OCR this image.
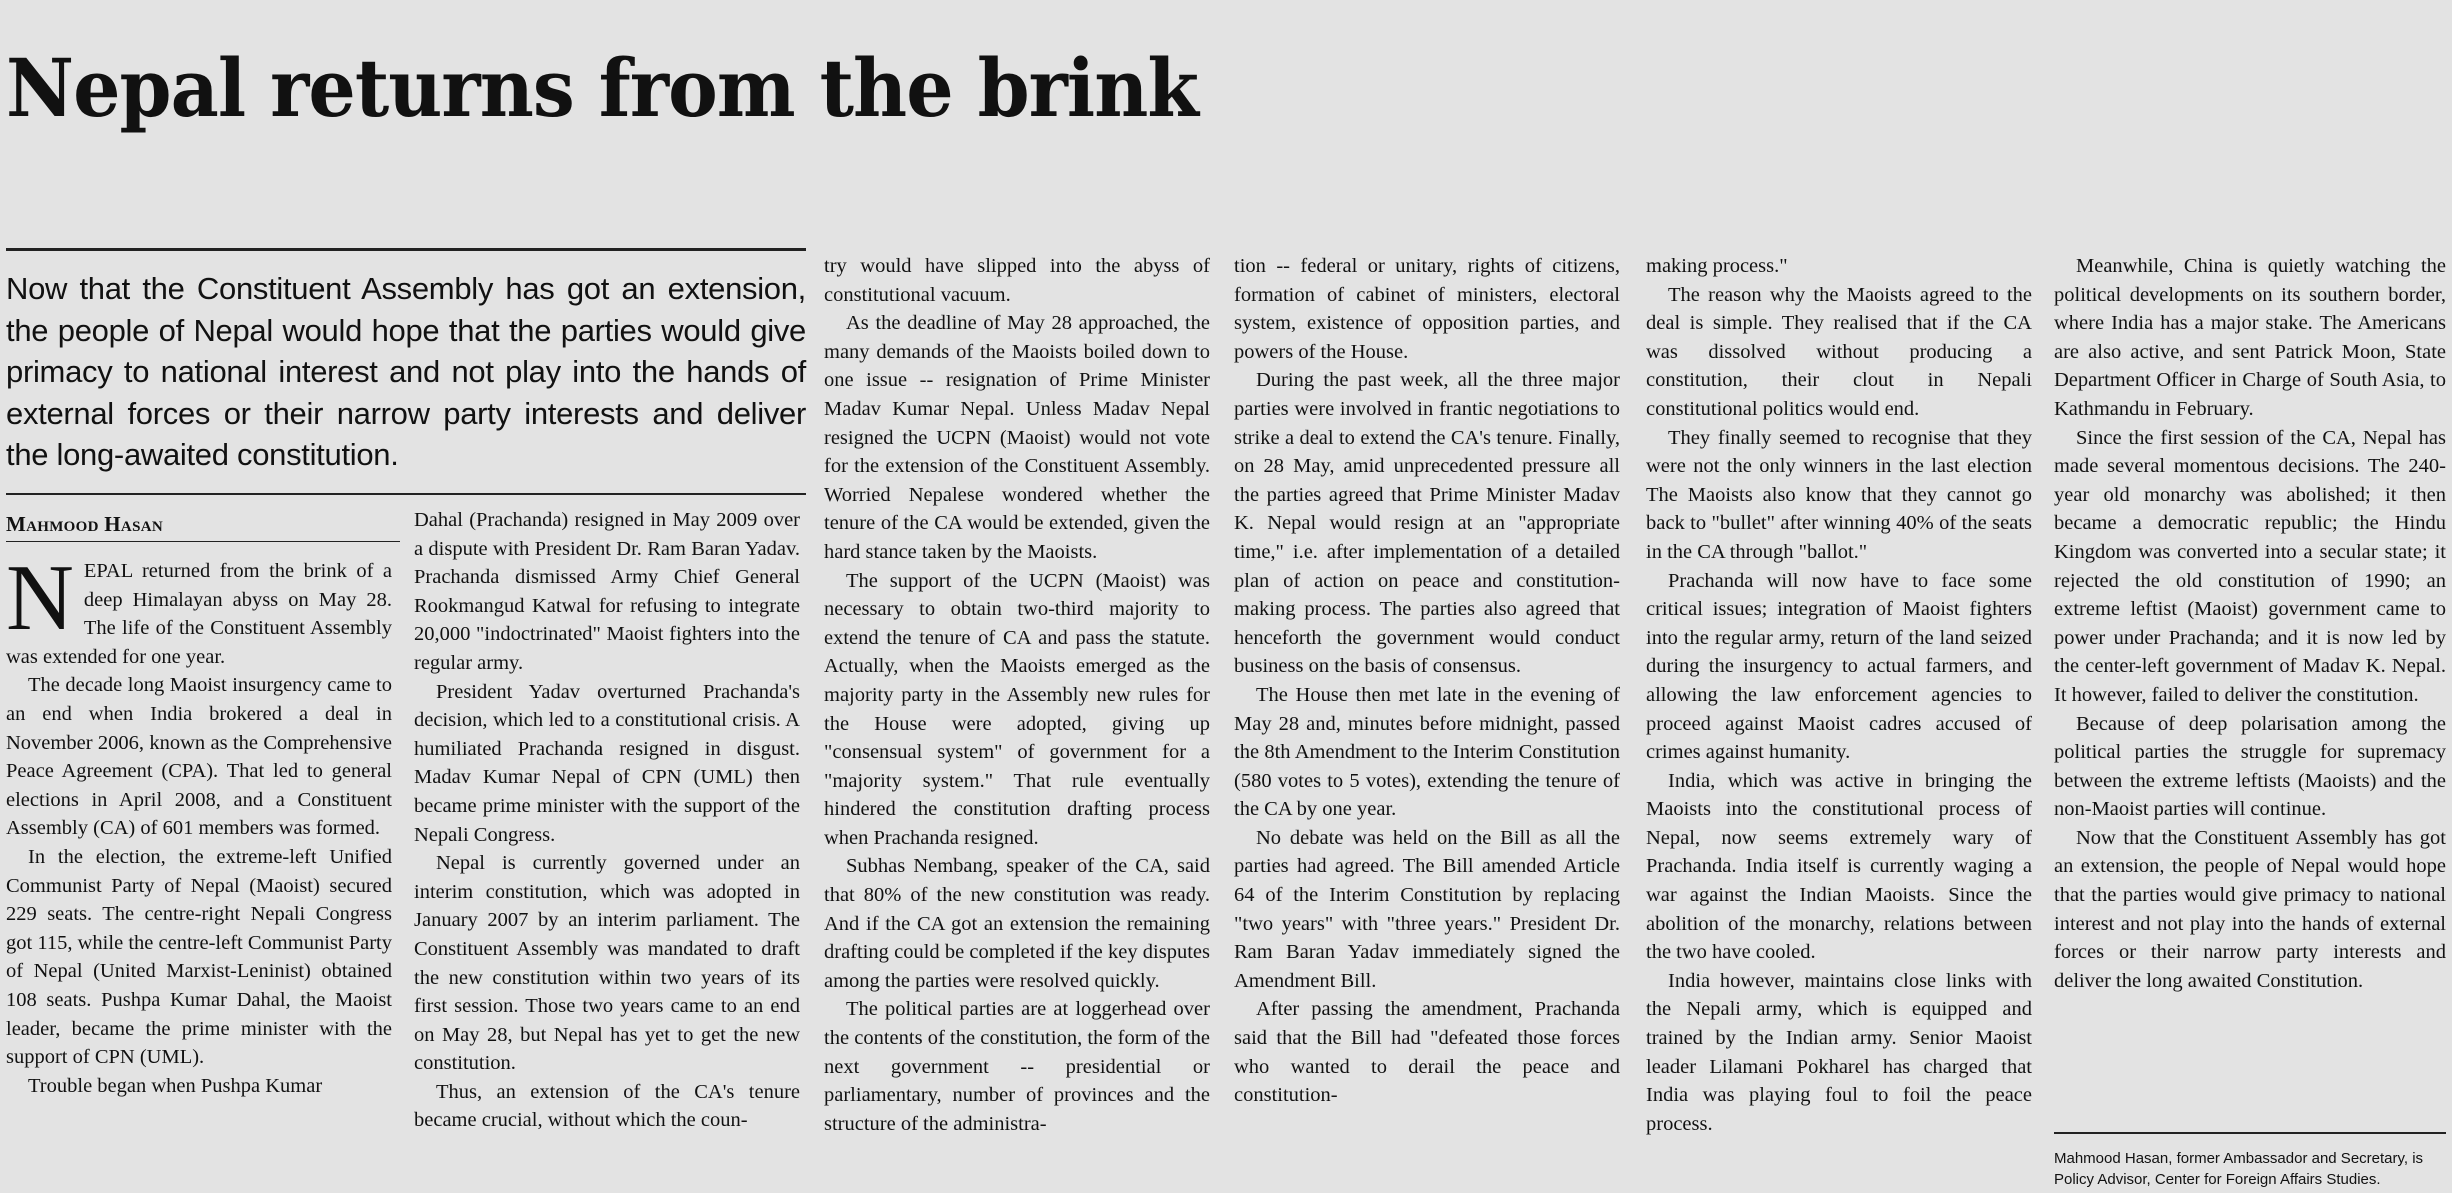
Nepal returns from the brink

Now that the Constituent Assembly has got an extension, the people of Nepal would hope that the parties would give primacy to national interest and not play into the hands of external forces or their narrow party interests and deliver the long-awaited constitution.

Mahmood Hasan

NEPAL returned from the brink of a deep Himalayan abyss on May 28. The life of the Constituent Assembly was extended for one year.

The decade long Maoist insurgency came to an end when India brokered a deal in November 2006, known as the Comprehensive Peace Agreement (CPA). That led to general elections in April 2008, and a Constituent Assembly (CA) of 601 members was formed.

In the election, the extreme-left Unified Communist Party of Nepal (Maoist) secured 229 seats. The centre-right Nepali Congress got 115, while the centre-left Communist Party of Nepal (United Marxist-Leninist) obtained 108 seats. Pushpa Kumar Dahal, the Maoist leader, became the prime minister with the support of CPN (UML).

Trouble began when Pushpa Kumar

Dahal (Prachanda) resigned in May 2009 over a dispute with President Dr. Ram Baran Yadav. Prachanda dismissed Army Chief General Rookmangud Katwal for refusing to integrate 20,000 "indoctrinated" Maoist fighters into the regular army.

President Yadav overturned Prachanda's decision, which led to a constitutional crisis. A humiliated Prachanda resigned in disgust. Madav Kumar Nepal of CPN (UML) then became prime minister with the support of the Nepali Congress.

Nepal is currently governed under an interim constitution, which was adopted in January 2007 by an interim parliament. The Constituent Assembly was mandated to draft the new constitution within two years of its first session. Those two years came to an end on May 28, but Nepal has yet to get the new constitution.

Thus, an extension of the CA's tenure became crucial, without which the coun-

try would have slipped into the abyss of constitutional vacuum.

As the deadline of May 28 approached, the many demands of the Maoists boiled down to one issue -- resignation of Prime Minister Madav Kumar Nepal. Unless Madav Nepal resigned the UCPN (Maoist) would not vote for the extension of the Constituent Assembly. Worried Nepalese wondered whether the tenure of the CA would be extended, given the hard stance taken by the Maoists.

The support of the UCPN (Maoist) was necessary to obtain two-third majority to extend the tenure of CA and pass the statute. Actually, when the Maoists emerged as the majority party in the Assembly new rules for the House were adopted, giving up "consensual system" of government for a "majority system." That rule eventually hindered the constitution drafting process when Prachanda resigned.

Subhas Nembang, speaker of the CA, said that 80% of the new constitution was ready. And if the CA got an extension the remaining drafting could be completed if the key disputes among the parties were resolved quickly.

The political parties are at loggerhead over the contents of the constitution, the form of the next government -- presidential or parliamentary, number of provinces and the structure of the administra-

tion -- federal or unitary, rights of citizens, formation of cabinet of ministers, electoral system, existence of opposition parties, and powers of the House.

During the past week, all the three major parties were involved in frantic negotiations to strike a deal to extend the CA's tenure. Finally, on 28 May, amid unprecedented pressure all the parties agreed that Prime Minister Madav K. Nepal would resign at an "appropriate time," i.e. after implementation of a detailed plan of action on peace and constitution-making process. The parties also agreed that henceforth the government would conduct business on the basis of consensus.

The House then met late in the evening of May 28 and, minutes before midnight, passed the 8th Amendment to the Interim Constitution (580 votes to 5 votes), extending the tenure of the CA by one year.

No debate was held on the Bill as all the parties had agreed. The Bill amended Article 64 of the Interim Constitution by replacing "two years" with "three years." President Dr. Ram Baran Yadav immediately signed the Amendment Bill.

After passing the amendment, Prachanda said that the Bill had "defeated those forces who wanted to derail the peace and constitution-

making process."

The reason why the Maoists agreed to the deal is simple. They realised that if the CA was dissolved without producing a constitution, their clout in Nepali constitutional politics would end.

They finally seemed to recognise that they were not the only winners in the last election The Maoists also know that they cannot go back to "bullet" after winning 40% of the seats in the CA through "ballot."

Prachanda will now have to face some critical issues; integration of Maoist fighters into the regular army, return of the land seized during the insurgency to actual farmers, and allowing the law enforcement agencies to proceed against Maoist cadres accused of crimes against humanity.

India, which was active in bringing the Maoists into the constitutional process of Nepal, now seems extremely wary of Prachanda. India itself is currently waging a war against the Indian Maoists. Since the abolition of the monarchy, relations between the two have cooled.

India however, maintains close links with the Nepali army, which is equipped and trained by the Indian army. Senior Maoist leader Lilamani Pokharel has charged that India was playing foul to foil the peace process.

Meanwhile, China is quietly watching the political developments on its southern border, where India has a major stake. The Americans are also active, and sent Patrick Moon, State Department Officer in Charge of South Asia, to Kathmandu in February.

Since the first session of the CA, Nepal has made several momentous decisions. The 240-year old monarchy was abolished; it then became a democratic republic; the Hindu Kingdom was converted into a secular state; it rejected the old constitution of 1990; an extreme leftist (Maoist) government came to power under Prachanda; and it is now led by the center-left government of Madav K. Nepal. It however, failed to deliver the constitution.

Because of deep polarisation among the political parties the struggle for supremacy between the extreme leftists (Maoists) and the non-Maoist parties will continue.

Now that the Constituent Assembly has got an extension, the people of Nepal would hope that the parties would give primacy to national interest and not play into the hands of external forces or their narrow party interests and deliver the long awaited Constitution.

Mahmood Hasan, former Ambassador and Secretary, is Policy Advisor, Center for Foreign Affairs Studies.
